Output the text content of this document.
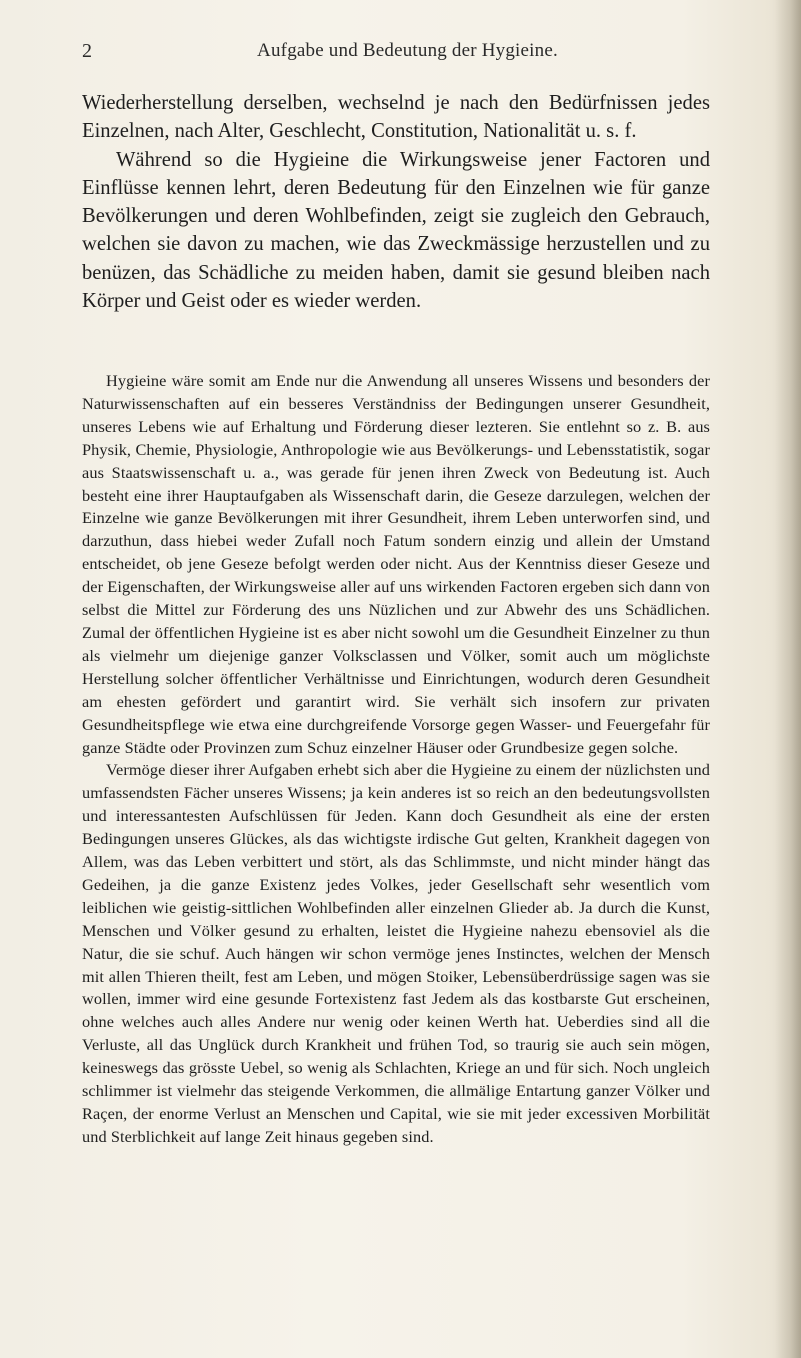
2	Aufgabe und Bedeutung der Hygieine.

Wiederherstellung derselben, wechselnd je nach den Bedürfnissen jedes Einzelnen, nach Alter, Geschlecht, Constitution, Nationalität u. s. f.

Während so die Hygieine die Wirkungsweise jener Factoren und Einflüsse kennen lehrt, deren Bedeutung für den Einzelnen wie für ganze Bevölkerungen und deren Wohlbefinden, zeigt sie zugleich den Gebrauch, welchen sie davon zu machen, wie das Zweckmässige herzustellen und zu benüzen, das Schädliche zu meiden haben, damit sie gesund bleiben nach Körper und Geist oder es wieder werden.

Hygieine wäre somit am Ende nur die Anwendung all unseres Wissens und besonders der Naturwissenschaften auf ein besseres Verständniss der Bedingungen unserer Gesundheit, unseres Lebens wie auf Erhaltung und Förderung dieser lezteren. Sie entlehnt so z. B. aus Physik, Chemie, Physiologie, Anthropologie wie aus Bevölkerungs- und Lebensstatistik, sogar aus Staatswissenschaft u. a., was gerade für jenen ihren Zweck von Bedeutung ist. Auch besteht eine ihrer Hauptaufgaben als Wissenschaft darin, die Geseze darzulegen, welchen der Einzelne wie ganze Bevölkerungen mit ihrer Gesundheit, ihrem Leben unterworfen sind, und darzuthun, dass hiebei weder Zufall noch Fatum sondern einzig und allein der Umstand entscheidet, ob jene Geseze befolgt werden oder nicht. Aus der Kenntniss dieser Geseze und der Eigenschaften, der Wirkungsweise aller auf uns wirkenden Factoren ergeben sich dann von selbst die Mittel zur Förderung des uns Nüzlichen und zur Abwehr des uns Schädlichen. Zumal der öffentlichen Hygieine ist es aber nicht sowohl um die Gesundheit Einzelner zu thun als vielmehr um diejenige ganzer Volksclassen und Völker, somit auch um möglichste Herstellung solcher öffentlicher Verhältnisse und Einrichtungen, wodurch deren Gesundheit am ehesten gefördert und garantirt wird. Sie verhält sich insofern zur privaten Gesundheitspflege wie etwa eine durchgreifende Vorsorge gegen Wasser- und Feuergefahr für ganze Städte oder Provinzen zum Schuz einzelner Häuser oder Grundbesize gegen solche.

Vermöge dieser ihrer Aufgaben erhebt sich aber die Hygieine zu einem der nüzlichsten und umfassendsten Fächer unseres Wissens; ja kein anderes ist so reich an den bedeutungsvollsten und interessantesten Aufschlüssen für Jeden. Kann doch Gesundheit als eine der ersten Bedingungen unseres Glückes, als das wichtigste irdische Gut gelten, Krankheit dagegen von Allem, was das Leben verbittert und stört, als das Schlimmste, und nicht minder hängt das Gedeihen, ja die ganze Existenz jedes Volkes, jeder Gesellschaft sehr wesentlich vom leiblichen wie geistig-sittlichen Wohlbefinden aller einzelnen Glieder ab. Ja durch die Kunst, Menschen und Völker gesund zu erhalten, leistet die Hygieine nahezu ebensoviel als die Natur, die sie schuf. Auch hängen wir schon vermöge jenes Instinctes, welchen der Mensch mit allen Thieren theilt, fest am Leben, und mögen Stoiker, Lebensüberdrüssige sagen was sie wollen, immer wird eine gesunde Fortexistenz fast Jedem als das kostbarste Gut erscheinen, ohne welches auch alles Andere nur wenig oder keinen Werth hat. Ueberdies sind all die Verluste, all das Unglück durch Krankheit und frühen Tod, so traurig sie auch sein mögen, keineswegs das grösste Uebel, so wenig als Schlachten, Kriege an und für sich. Noch ungleich schlimmer ist vielmehr das steigende Verkommen, die allmälige Entartung ganzer Völker und Raçen, der enorme Verlust an Menschen und Capital, wie sie mit jeder excessiven Morbilität und Sterblichkeit auf lange Zeit hinaus gegeben sind.
